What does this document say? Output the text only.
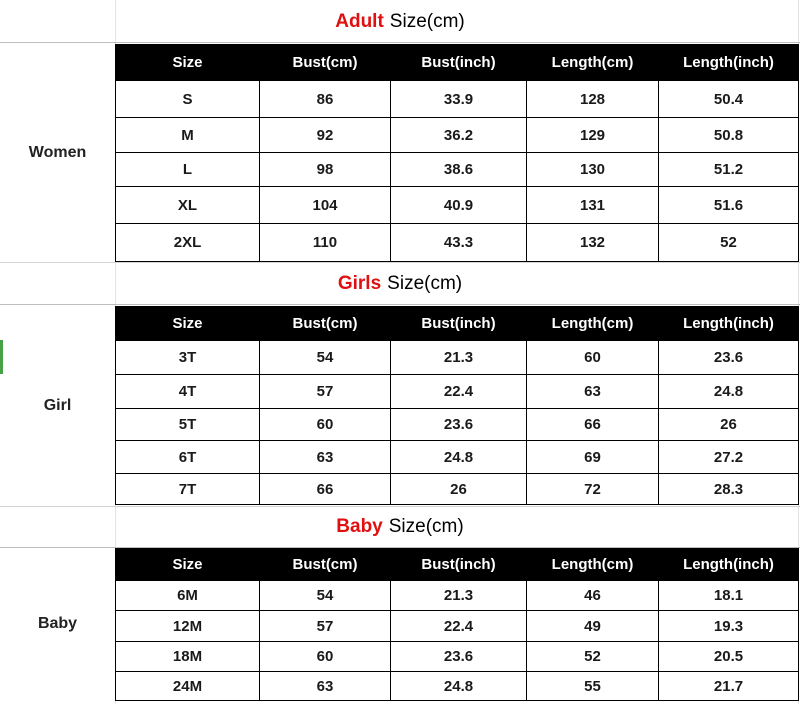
Adult Size(cm)
Women
Size	Bust(cm)	Bust(inch)	Length(cm)	Length(inch)
S	86	33.9	128	50.4
M	92	36.2	129	50.8
L	98	38.6	130	51.2
XL	104	40.9	131	51.6
2XL	110	43.3	132	52
Girls Size(cm)
Girl
Size	Bust(cm)	Bust(inch)	Length(cm)	Length(inch)
3T	54	21.3	60	23.6
4T	57	22.4	63	24.8
5T	60	23.6	66	26
6T	63	24.8	69	27.2
7T	66	26	72	28.3
Baby Size(cm)
Baby
Size	Bust(cm)	Bust(inch)	Length(cm)	Length(inch)
6M	54	21.3	46	18.1
12M	57	22.4	49	19.3
18M	60	23.6	52	20.5
24M	63	24.8	55	21.7
